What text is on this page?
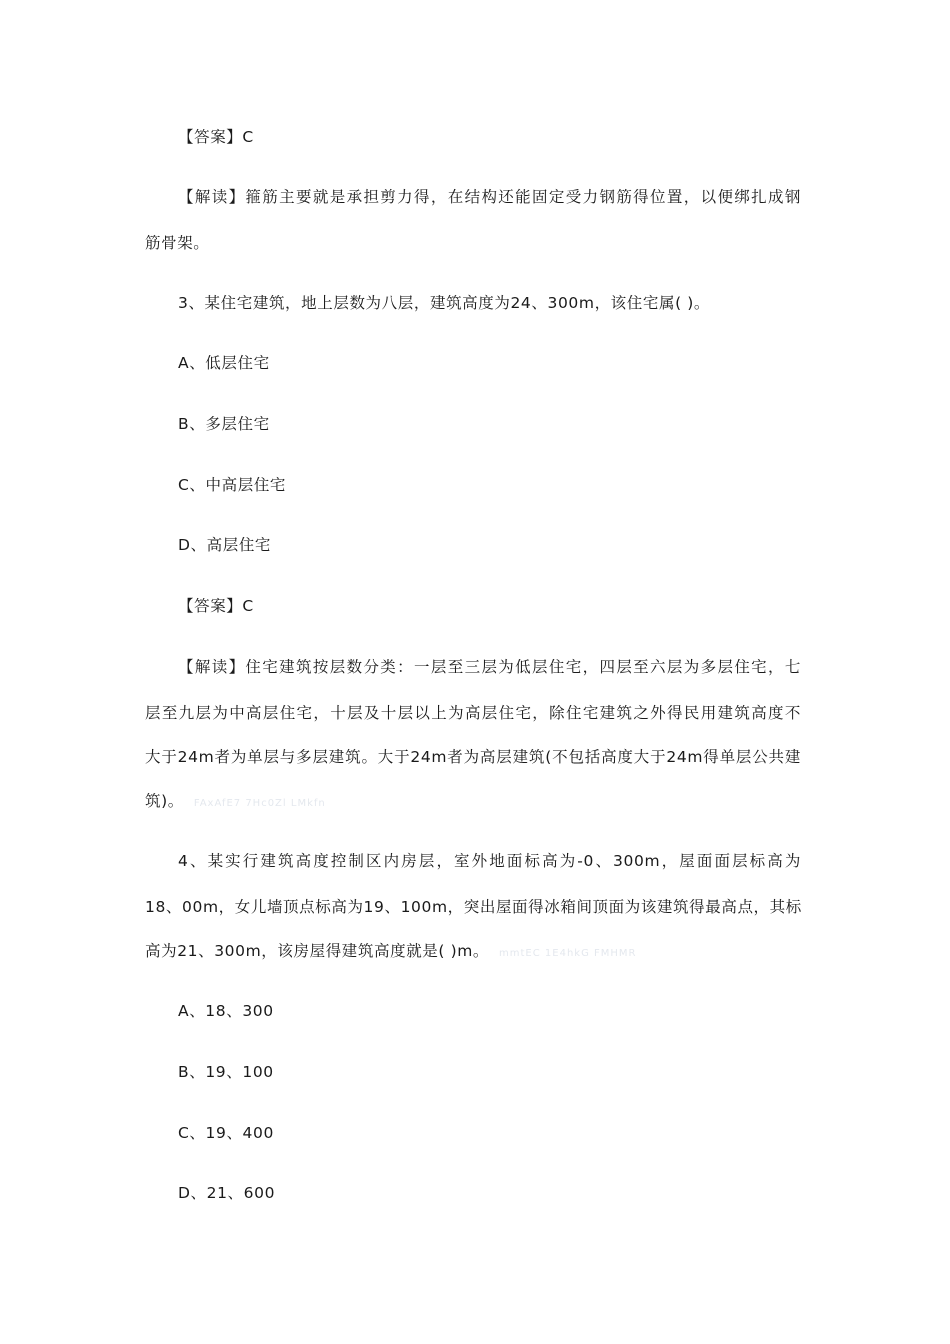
【答案】C
【解读】箍筋主要就是承担剪力得，在结构还能固定受力钢筋得位置，以便绑扎成钢
筋骨架。
3、某住宅建筑，地上层数为八层，建筑高度为24、300m，该住宅属( )。
A、低层住宅
B、多层住宅
C、中高层住宅
D、高层住宅
【答案】C
【解读】住宅建筑按层数分类：一层至三层为低层住宅，四层至六层为多层住宅，七
层至九层为中高层住宅，十层及十层以上为高层住宅，除住宅建筑之外得民用建筑高度不
大于24m者为单层与多层建筑。大于24m者为高层建筑(不包括高度大于24m得单层公共建
筑)。 FAxAfE7 7Hc0Zl LMkfn
4、某实行建筑高度控制区内房层，室外地面标高为-0、300m，屋面面层标高为
18、00m，女儿墙顶点标高为19、100m，突出屋面得冰箱间顶面为该建筑得最高点，其标
高为21、300m，该房屋得建筑高度就是( )m。 mmtEC 1E4hkG FMHMR
A、18、300
B、19、100
C、19、400
D、21、600
